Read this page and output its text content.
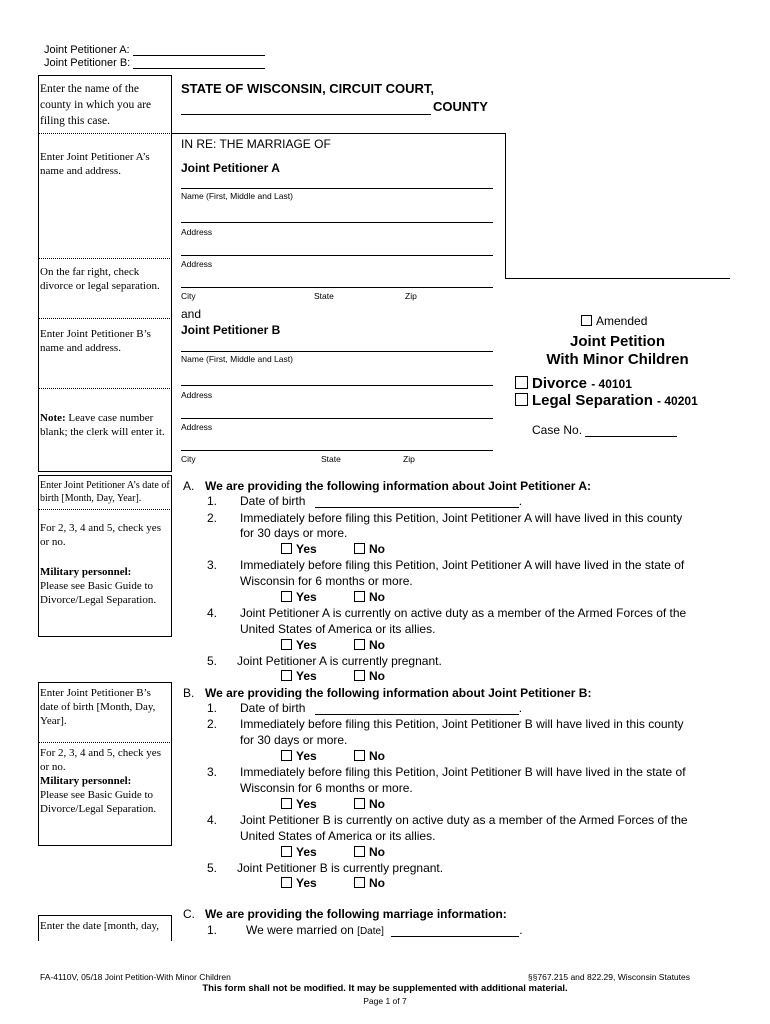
Joint Petitioner A:
Joint Petitioner B:
Enter the name of the county in which you are filing this case.
Enter Joint Petitioner A’s name and address.
On the far right, check divorce or legal separation.
Enter Joint Petitioner B’s name and address.
Note: Leave case number blank; the clerk will enter it.
Enter Joint Petitioner A’s date of birth [Month, Day, Year].
For 2, 3, 4 and 5, check yes or no.
Military personnel:
Please see Basic Guide to Divorce/Legal Separation.
Enter Joint Petitioner B’s date of birth [Month, Day, Year].
For 2, 3, 4 and 5, check yes or no.
Military personnel:
Please see Basic Guide to Divorce/Legal Separation.
Enter the date [month, day,
STATE OF WISCONSIN, CIRCUIT COURT,
COUNTY
IN RE: THE MARRIAGE OF
Joint Petitioner A
Name (First, Middle and Last)
Address
Address
City	State	Zip
and
Joint Petitioner B
Name (First, Middle and Last)
Address
Address
City	State	Zip
Amended
Joint Petition
With Minor Children
Divorce - 40101
Legal Separation - 40201
Case No.
A. We are providing the following information about Joint Petitioner A:
1. Date of birth	.
2. Immediately before filing this Petition, Joint Petitioner A will have lived in this county
for 30 days or more.
Yes	No
3. Immediately before filing this Petition, Joint Petitioner A will have lived in the state of
Wisconsin for 6 months or more.
Yes	No
4. Joint Petitioner A is currently on active duty as a member of the Armed Forces of the
United States of America or its allies.
Yes	No
5. Joint Petitioner A is currently pregnant.
Yes	No
B. We are providing the following information about Joint Petitioner B:
1. Date of birth	.
2. Immediately before filing this Petition, Joint Petitioner B will have lived in this county
for 30 days or more.
Yes	No
3. Immediately before filing this Petition, Joint Petitioner B will have lived in the state of
Wisconsin for 6 months or more.
Yes	No
4. Joint Petitioner B is currently on active duty as a member of the Armed Forces of the
United States of America or its allies.
Yes	No
5. Joint Petitioner B is currently pregnant.
Yes	No
C. We are providing the following marriage information:
1. We were married on [Date]	.
FA-4110V, 05/18 Joint Petition-With Minor Children	§§767.215 and 822.29, Wisconsin Statutes
This form shall not be modified. It may be supplemented with additional material.
Page 1 of 7
